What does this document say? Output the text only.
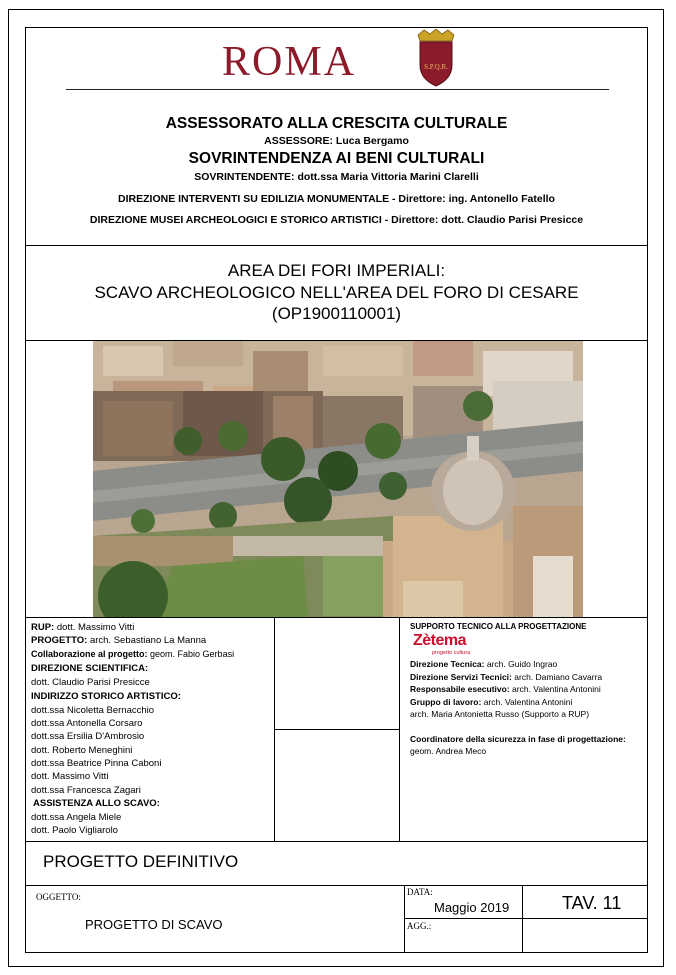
ROMA	S.P.Q.R.
ASSESSORATO ALLA CRESCITA CULTURALE
ASSESSORE: Luca Bergamo
SOVRINTENDENZA AI BENI CULTURALI
SOVRINTENDENTE: dott.ssa Maria Vittoria Marini Clarelli
DIREZIONE INTERVENTI SU EDILIZIA MONUMENTALE - Direttore: ing. Antonello Fatello
DIREZIONE MUSEI ARCHEOLOGICI E STORICO ARTISTICI - Direttore: dott. Claudio Parisi Presicce
AREA DEI FORI IMPERIALI:
SCAVO ARCHEOLOGICO NELL'AREA DEL FORO DI CESARE
(OP1900110001)
RUP: dott. Massimo Vitti
PROGETTO: arch. Sebastiano La Manna
Collaborazione al progetto: geom. Fabio Gerbasi
DIREZIONE SCIENTIFICA:
dott. Claudio Parisi Presicce
INDIRIZZO STORICO ARTISTICO:
dott.ssa Nicoletta Bernacchio
dott.ssa Antonella Corsaro
dott.ssa Ersilia D'Ambrosio
dott. Roberto Meneghini
dott.ssa Beatrice Pinna Caboni
dott. Massimo Vitti
dott.ssa Francesca Zagari
ASSISTENZA ALLO SCAVO:
dott.ssa Angela Miele
dott. Paolo Vigliarolo
SUPPORTO TECNICO ALLA PROGETTAZIONE
Zètema
progetto cultura
Direzione Tecnica: arch. Guido Ingrao
Direzione Servizi Tecnici: arch. Damiano Cavarra
Responsabile esecutivo: arch. Valentina Antonini
Gruppo di lavoro: arch. Valentina Antonini
arch. Maria Antonietta Russo (Supporto a RUP)
Coordinatore della sicurezza in fase di progettazione:
geom. Andrea Meco
PROGETTO DEFINITIVO
OGGETTO:
PROGETTO DI SCAVO
DATA:
Maggio 2019
AGG.:
TAV. 11
